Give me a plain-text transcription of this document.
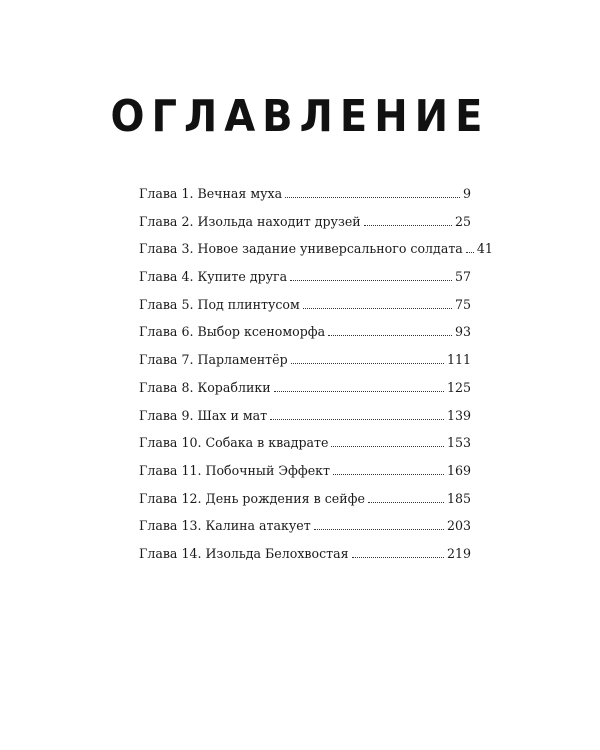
ОГЛАВЛЕНИЕ
Глава 1. Вечная муха	9
Глава 2. Изольда находит друзей	25
Глава 3. Новое задание универсального солдата 41
Глава 4. Купите друга	57
Глава 5. Под плинтусом	75
Глава 6. Выбор ксеноморфа	93
Глава 7. Парламентёр	111
Глава 8. Кораблики	125
Глава 9. Шах и мат	139
Глава 10. Собака в квадрате	153
Глава 11. Побочный Эффект	169
Глава 12. День рождения в сейфе	185
Глава 13. Калина атакует	203
Глава 14. Изольда Белохвостая	219
